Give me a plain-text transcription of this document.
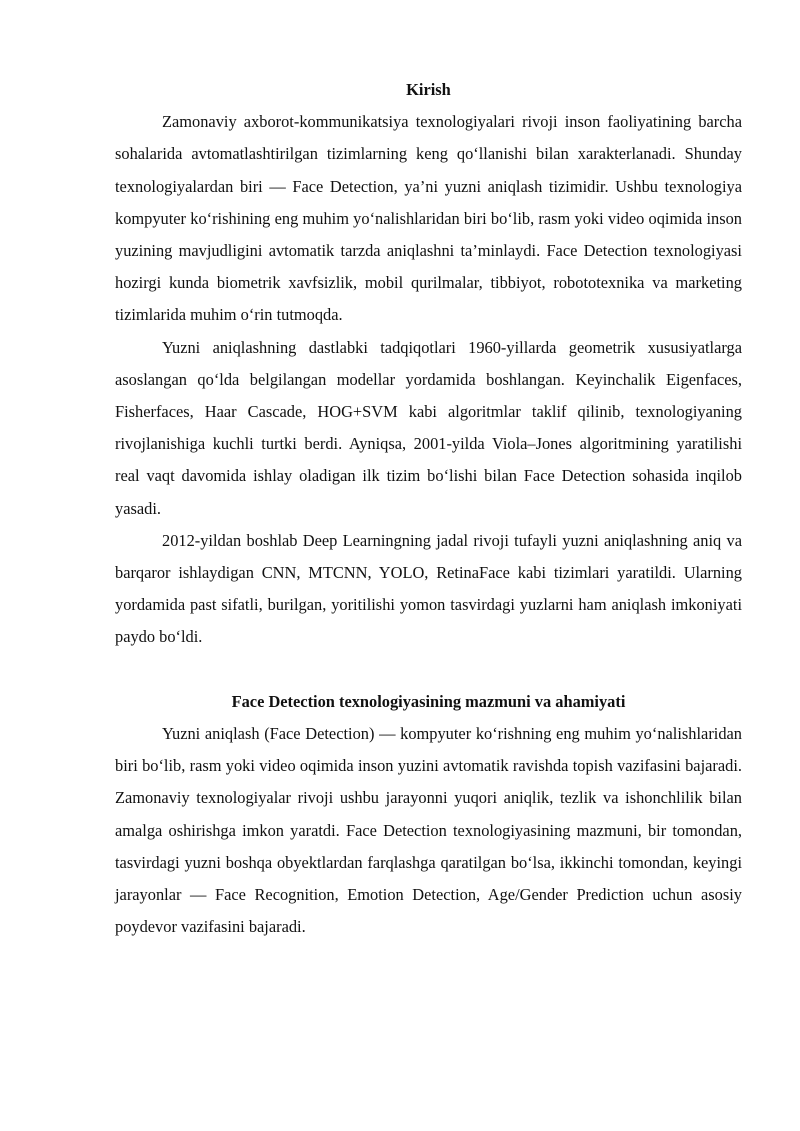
Kirish

Zamonaviy axborot-kommunikatsiya texnologiyalari rivoji inson faoliyatining barcha sohalarida avtomatlashtirilgan tizimlarning keng qo‘llanishi bilan xarakterlanadi. Shunday texnologiyalardan biri — Face Detection, ya’ni yuzni aniqlash tizimidir. Ushbu texnologiya kompyuter ko‘rishining eng muhim yo‘nalishlaridan biri bo‘lib, rasm yoki video oqimida inson yuzining mavjudligini avtomatik tarzda aniqlashni ta’minlaydi. Face Detection texnologiyasi hozirgi kunda biometrik xavfsizlik, mobil qurilmalar, tibbiyot, robototexnika va marketing tizimlarida muhim o‘rin tutmoqda.

Yuzni aniqlashning dastlabki tadqiqotlari 1960-yillarda geometrik xususiyatlarga asoslangan qo‘lda belgilangan modellar yordamida boshlangan. Keyinchalik Eigenfaces, Fisherfaces, Haar Cascade, HOG+SVM kabi algoritmlar taklif qilinib, texnologiyaning rivojlanishiga kuchli turtki berdi. Ayniqsa, 2001-yilda Viola–Jones algoritmining yaratilishi real vaqt davomida ishlay oladigan ilk tizim bo‘lishi bilan Face Detection sohasida inqilob yasadi.

2012-yildan boshlab Deep Learningning jadal rivoji tufayli yuzni aniqlashning aniq va barqaror ishlaydigan CNN, MTCNN, YOLO, RetinaFace kabi tizimlari yaratildi. Ularning yordamida past sifatli, burilgan, yoritilishi yomon tasvirdagi yuzlarni ham aniqlash imkoniyati paydo bo‘ldi.

Face Detection texnologiyasining mazmuni va ahamiyati

Yuzni aniqlash (Face Detection) — kompyuter ko‘rishning eng muhim yo‘nalishlaridan biri bo‘lib, rasm yoki video oqimida inson yuzini avtomatik ravishda topish vazifasini bajaradi. Zamonaviy texnologiyalar rivoji ushbu jarayonni yuqori aniqlik, tezlik va ishonchlilik bilan amalga oshirishga imkon yaratdi. Face Detection texnologiyasining mazmuni, bir tomondan, tasvirdagi yuzni boshqa obyektlardan farqlashga qaratilgan bo‘lsa, ikkinchi tomondan, keyingi jarayonlar — Face Recognition, Emotion Detection, Age/Gender Prediction uchun asosiy poydevor vazifasini bajaradi.
